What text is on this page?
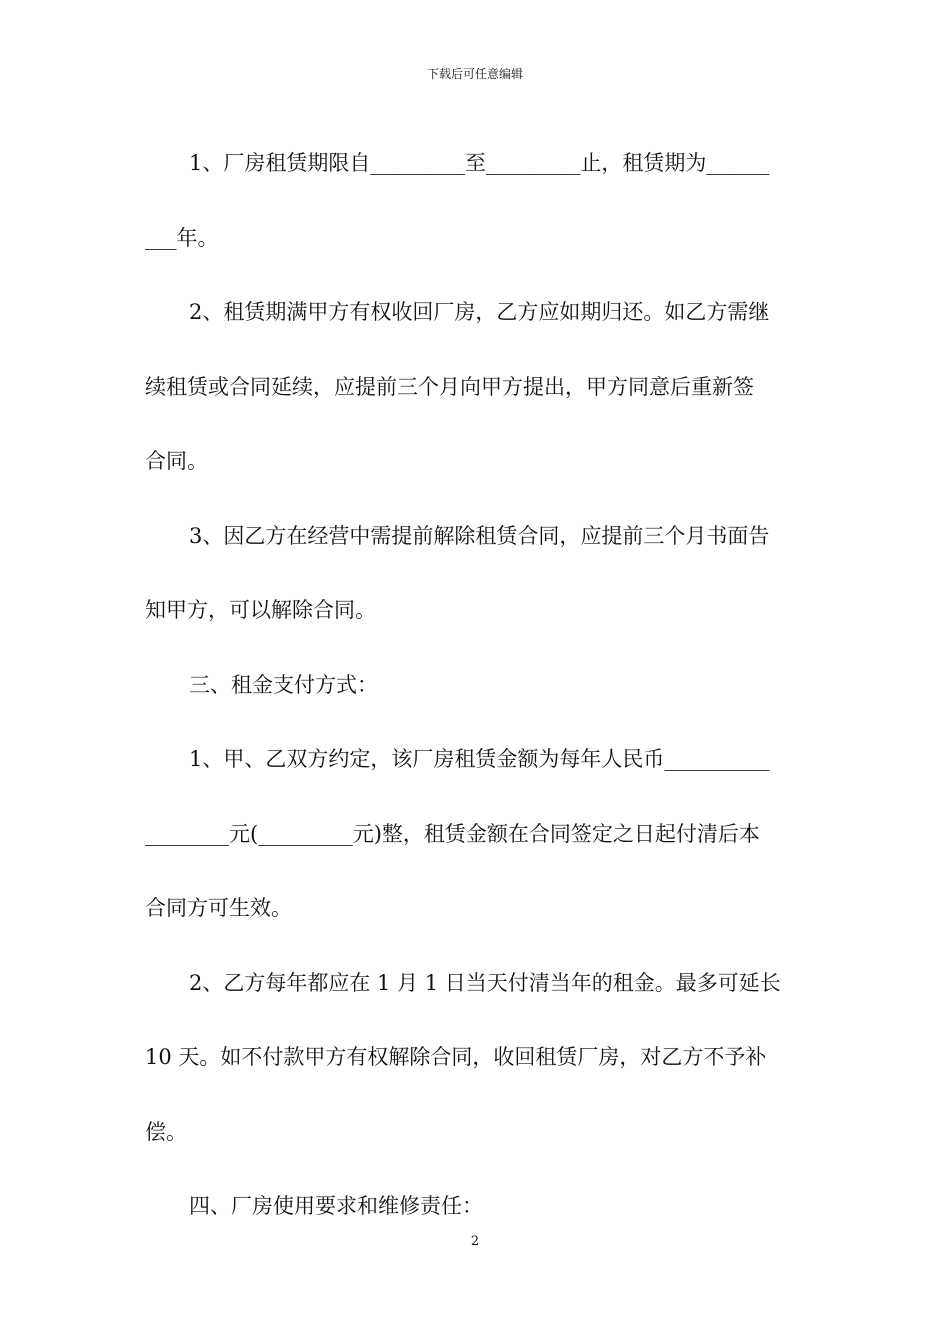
下载后可任意编辑
1、厂房租赁期限自_________至_________止，租赁期为______
___年。
2、租赁期满甲方有权收回厂房，乙方应如期归还。如乙方需继
续租赁或合同延续，应提前三个月向甲方提出，甲方同意后重新签
合同。
3、因乙方在经营中需提前解除租赁合同，应提前三个月书面告
知甲方，可以解除合同。
三、租金支付方式：
1、甲、乙双方约定，该厂房租赁金额为每年人民币__________
________元(_________元)整，租赁金额在合同签定之日起付清后本
合同方可生效。
2、乙方每年都应在 1 月 1 日当天付清当年的租金。最多可延长
10 天。如不付款甲方有权解除合同，收回租赁厂房，对乙方不予补
偿。
四、厂房使用要求和维修责任：
2
